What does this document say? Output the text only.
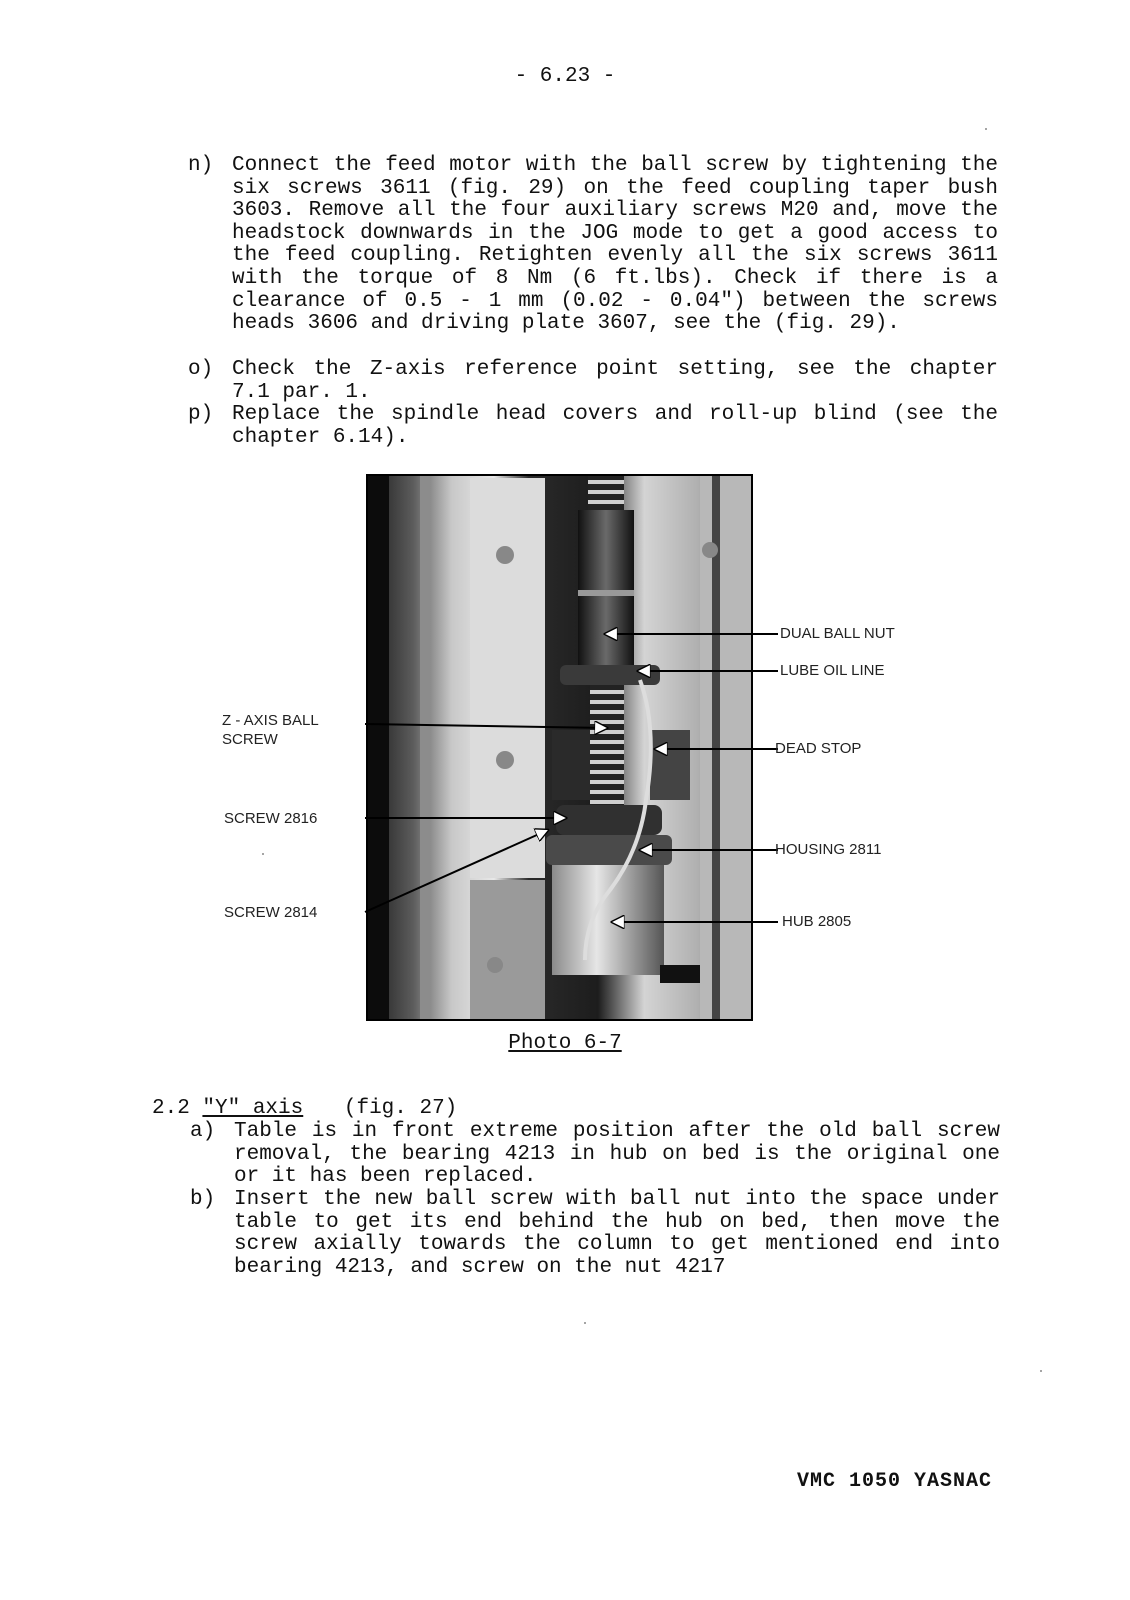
- 6.23 -
n) Connect the feed motor with the ball screw by tightening the six screws 3611 (fig. 29) on the feed coupling taper bush 3603. Remove all the four auxiliary screws M20 and, move the headstock downwards in the JOG mode to get a good access to the feed coupling. Retighten evenly all the six screws 3611 with the torque of 8 Nm (6 ft.lbs). Check if there is a clearance of 0.5 - 1 mm (0.02 - 0.04") between the screws heads 3606 and driving plate 3607, see the (fig. 29).
o) Check the Z-axis reference point setting, see the chapter 7.1 par. 1.
p) Replace the spindle head covers and roll-up blind (see the chapter 6.14).
DUAL BALL NUT
LUBE OIL LINE
DEAD STOP
HOUSING 2811
HUB 2805
Z - AXIS BALL
SCREW
SCREW 2816
SCREW 2814
Photo 6-7
2.2 "Y" axis (fig. 27)
a) Table is in front extreme position after the old ball screw removal, the bearing 4213 in hub on bed is the original one or it has been replaced.
b) Insert the new ball screw with ball nut into the space under table to get its end behind the hub on bed, then move the screw axially towards the column to get mentioned end into bearing 4213, and screw on the nut 4217
VMC 1050 YASNAC
